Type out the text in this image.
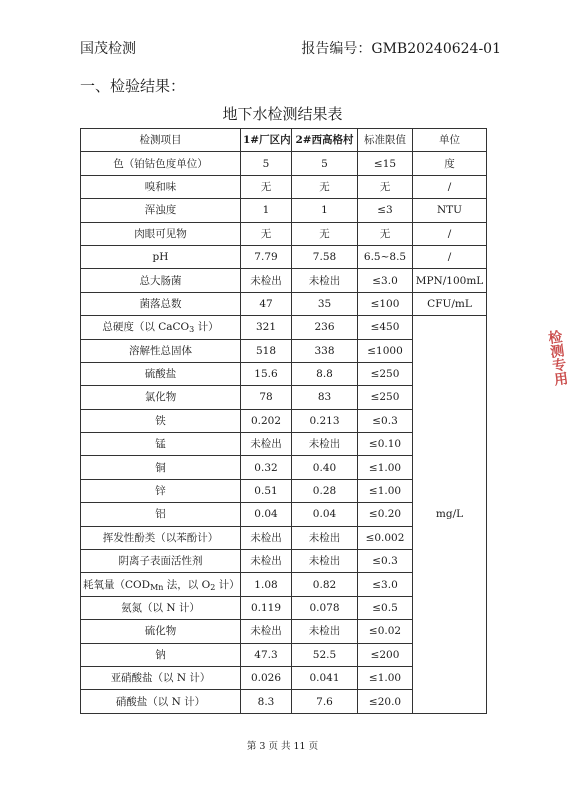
国茂检测	报告编号：GMB20240624-01
一、检验结果：
地下水检测结果表
检测项目	1#厂区内	2#西高格村	标准限值	单位
色（铂钴色度单位）	5	5	≤15	度
嗅和味	无	无	无	/
浑浊度	1	1	≤3	NTU
肉眼可见物	无	无	无	/
pH	7.79	7.58	6.5~8.5	/
总大肠菌	未检出	未检出	≤3.0	MPN/100mL
菌落总数	47	35	≤100	CFU/mL
总硬度（以 CaCO$_3$ 计）	321	236	≤450	mg/L
溶解性总固体	518	338	≤1000	
硫酸盐	15.6	8.8	≤250	
氯化物	78	83	≤250	
铁	0.202	0.213	≤0.3	
锰	未检出	未检出	≤0.10	
铜	0.32	0.40	≤1.00	
锌	0.51	0.28	≤1.00	
铝	0.04	0.04	≤0.20	
挥发性酚类（以苯酚计）	未检出	未检出	≤0.002	
阴离子表面活性剂	未检出	未检出	≤0.3	
耗氧量（$COD_{Mn}$ 法，以 $O_2$ 计）	1.08	0.82	≤3.0	
氨氮（以 N 计）	0.119	0.078	≤0.5	
硫化物	未检出	未检出	≤0.02	
钠	47.3	52.5	≤200	
亚硝酸盐（以 N 计）	0.026	0.041	≤1.00	
硝酸盐（以 N 计）	8.3	7.6	≤20.0	
第 3 页 共 11 页
检测专用
